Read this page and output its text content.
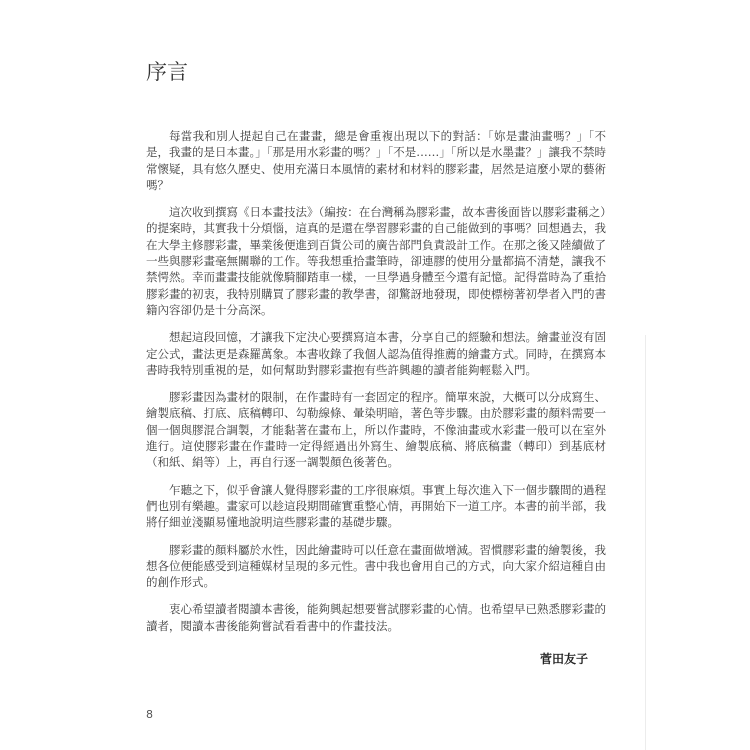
序言

每當我和別人提起自己在畫畫，總是會重複出現以下的對話：「妳是畫油畫嗎？」「不是，我畫的是日本畫。」「那是用水彩畫的嗎？」「不是……」「所以是水墨畫？」讓我不禁時常懷疑，具有悠久歷史、使用充滿日本風情的素材和材料的膠彩畫，居然是這麼小眾的藝術嗎？

這次收到撰寫《日本畫技法》（編按：在台灣稱為膠彩畫，故本書後面皆以膠彩畫稱之）的提案時，其實我十分煩惱，這真的是還在學習膠彩畫的自己能做到的事嗎？回想過去，我在大學主修膠彩畫，畢業後便進到百貨公司的廣告部門負責設計工作。在那之後又陸續做了一些與膠彩畫毫無關聯的工作。等我想重拾畫筆時，卻連膠的使用分量都搞不清楚，讓我不禁愕然。幸而畫畫技能就像騎腳踏車一樣，一旦學過身體至今還有記憶。記得當時為了重拾膠彩畫的初衷，我特別購買了膠彩畫的教學書，卻驚訝地發現，即使標榜著初學者入門的書籍內容卻仍是十分高深。

想起這段回憶，才讓我下定決心要撰寫這本書，分享自己的經驗和想法。繪畫並沒有固定公式，畫法更是森羅萬象。本書收錄了我個人認為值得推薦的繪畫方式。同時，在撰寫本書時我特別重視的是，如何幫助對膠彩畫抱有些許興趣的讀者能夠輕鬆入門。

膠彩畫因為畫材的限制，在作畫時有一套固定的程序。簡單來說，大概可以分成寫生、繪製底稿、打底、底稿轉印、勾勒線條、暈染明暗，著色等步驟。由於膠彩畫的顏料需要一個一個與膠混合調製，才能黏著在畫布上，所以作畫時，不像油畫或水彩畫一般可以在室外進行。這使膠彩畫在作畫時一定得經過出外寫生、繪製底稿、將底稿畫（轉印）到基底材（和紙、絹等）上，再自行逐一調製顏色後著色。

乍聽之下，似乎會讓人覺得膠彩畫的工序很麻煩。事實上每次進入下一個步驟間的過程們也別有樂趣。畫家可以趁這段期間確實重整心情，再開始下一道工序。本書的前半部，我將仔細並淺顯易懂地說明這些膠彩畫的基礎步驟。

膠彩畫的顏料屬於水性，因此繪畫時可以任意在畫面做增減。習慣膠彩畫的繪製後，我想各位便能感受到這種媒材呈現的多元性。書中我也會用自己的方式，向大家介紹這種自由的創作形式。

衷心希望讀者閱讀本書後，能夠興起想要嘗試膠彩畫的心情。也希望早已熟悉膠彩畫的讀者，閱讀本書後能夠嘗試看看書中的作畫技法。

菅田友子
8
